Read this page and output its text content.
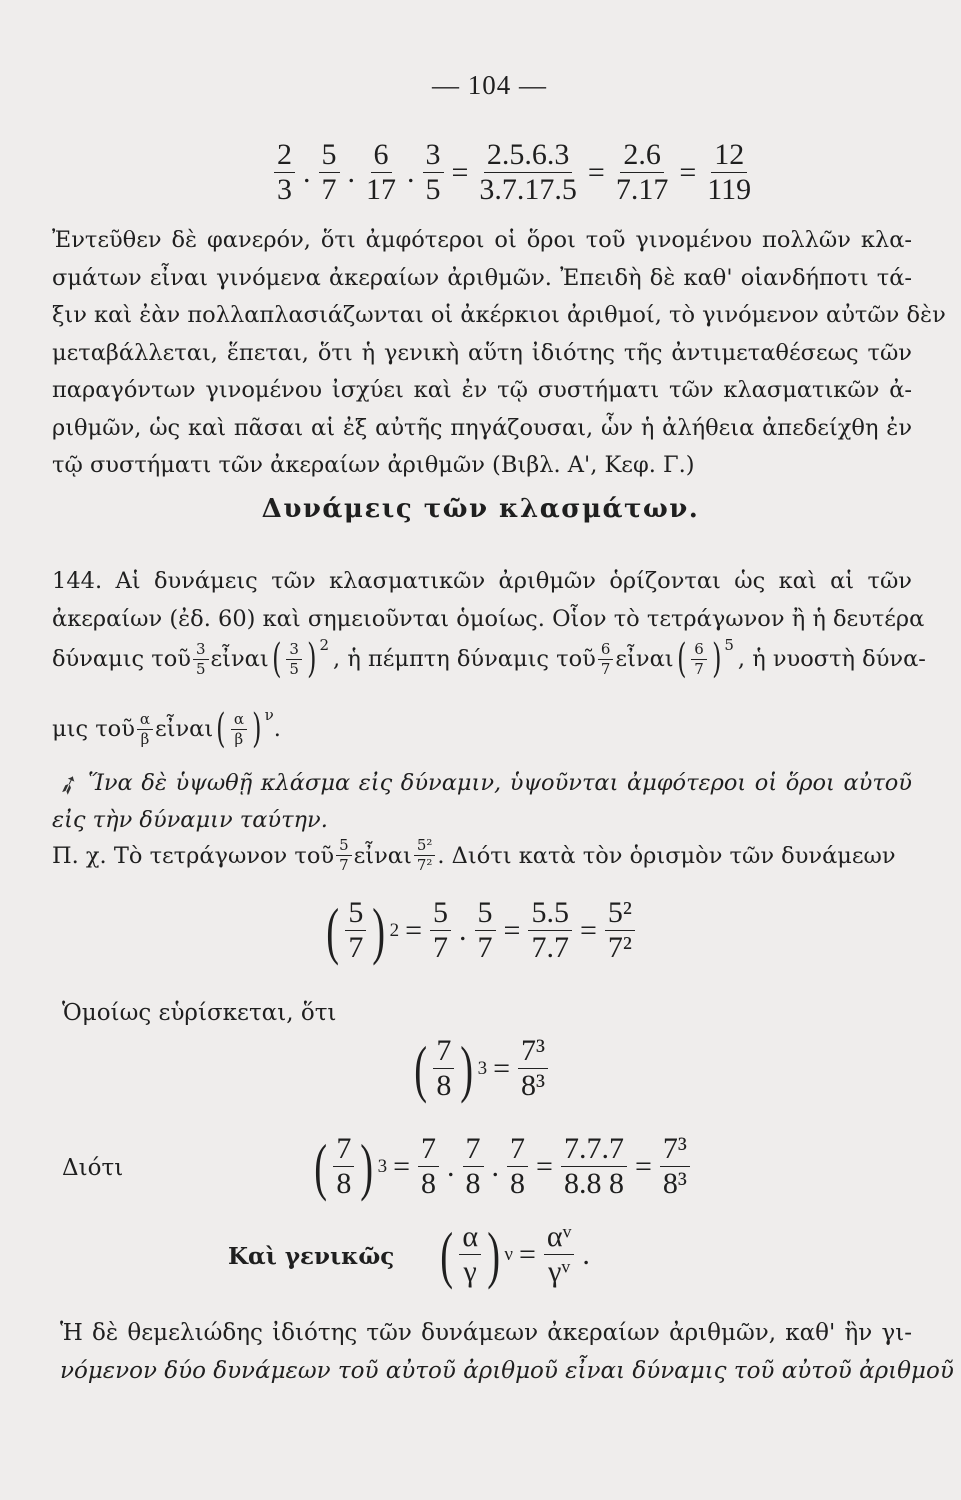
— 104 —
$\frac{2}{3}$ . $\frac{5}{7}$ . $\frac{6}{17}$ . $\frac{3}{5} = \frac{2.5.6.3}{3.7.17.5} = \frac{2.6}{7.17} = \frac{12}{119}$
Ἐντεῦθεν δὲ φανερόν, ὅτι ἀμφότεροι οἱ ὅροι τοῦ γινομένου πολλῶν κλα-
σμάτων εἶναι γινόμενα ἀκεραίων ἀριθμῶν. Ἐπειδὴ δὲ καθ' οἱανδήποτι τά-
ξιν καὶ ἐὰν πολλαπλασιάζωνται οἱ ἀκέρκιοι ἀριθμοί, τὸ γινόμενον αὐτῶν δὲν
μεταβάλλεται, ἕπεται, ὅτι ἡ γενικὴ αὕτη ἰδιότης τῆς ἀντιμεταθέσεως τῶν
παραγόντων γινομένου ἰσχύει καὶ ἐν τῷ συστήματι τῶν κλασματικῶν ἀ-
ριθμῶν, ὡς καὶ πᾶσαι αἱ ἐξ αὐτῆς πηγάζουσαι, ὧν ἡ ἀλήθεια ἀπεδείχθη ἐν
τῷ συστήματι τῶν ἀκεραίων ἀριθμῶν (Βιβλ. Α', Κεφ. Γ.)
Δυνάμεις τῶν κλασμάτων.
144. Αἱ δυνάμεις τῶν κλασματικῶν ἀριθμῶν ὁρίζονται ὡς καὶ αἱ τῶν
ἀκεραίων (ἐδ. 60) καὶ σημειοῦνται ὁμοίως. Οἷον τὸ τετράγωνον ἢ ἡ δευτέρα
δύναμις τοῦ $\frac{3}{5}$ εἶναι ( $\frac{3}{5} )^2$
, ἡ πέμπτη δύναμις τοῦ $\frac{6}{7}$ εἶναι ( $\frac{6}{7} )^5$
, ἡ νυοστὴ δύνα-
μις τοῦ $\frac{\alpha}{\beta}$ εἶναι ( $\frac{\alpha}{\beta} )^\nu$
.
➶ Ἵνα δὲ ὑψωθῇ κλάσμα εἰς δύναμιν, ὑψοῦνται ἀμφότεροι οἱ ὅροι αὐτοῦ
εἰς τὴν δύναμιν ταύτην.
Π. χ. Τὸ τετράγωνον τοῦ $\frac{5}{7}$ εἶναι $\frac{\text{5²}}{\text{7²}}$ . Διότι κατὰ τὸν ὁρισμὸν τῶν δυνάμεων
( $\frac{5}{7}$ ) $2 = \frac{5}{7}$ . $\frac{5}{7} = \frac{5.5}{7.7} = \frac{\text{5²}}{\text{7²}}$
Ὁμοίως εὑρίσκεται, ὅτι
( $\frac{7}{8}$ ) $3 = \frac{\text{7³}}{\text{8³}}$
Διότι	( $\frac{7}{8}$ ) $3 = \frac{7}{8}$ . $\frac{7}{8}$ . $\frac{7}{8} = \frac{7.7.7}{8.8 8} = \frac{\text{7³}}{\text{8³}}$
Καὶ γενικῶς ( $\frac{\alpha}{\gamma}$ ) $\nu = \frac{\text{αᵛ}}{\text{γᵛ}}$ .
Ἡ δὲ θεμελιώδης ἰδιότης τῶν δυνάμεων ἀκεραίων ἀριθμῶν, καθ' ἣν γι-
νόμενον δύο δυνάμεων τοῦ αὐτοῦ ἀριθμοῦ εἶναι δύναμις τοῦ αὐτοῦ ἀριθμοῦ
